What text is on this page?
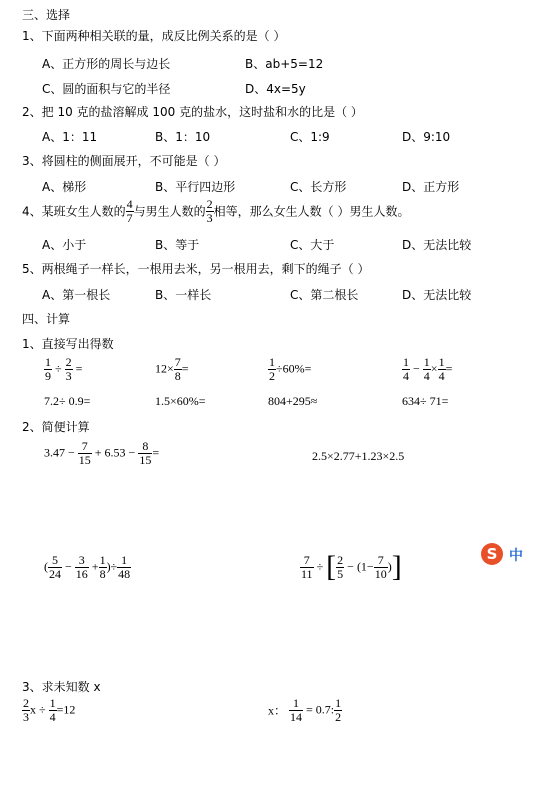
三、选择
1、下面两种相关联的量，成反比例关系的是（ ）
A、正方形的周长与边长	B、ab+5=12
C、圆的面积与它的半径	D、4x=5y
2、把 10 克的盐溶解成 100 克的盐水，这时盐和水的比是（ ）
A、1：11	B、1：10	C、1:9	D、9:10
3、将圆柱的侧面展开，不可能是（ ）
A、梯形	B、平行四边形	C、长方形	D、正方形
4、某班女生人数的 $\frac{4}{7}$ 与男生人数的 $\frac{2}{3}$ 相等，那么女生人数（ ）男生人数。
A、小于	B、等于	C、大于	D、无法比较
5、两根绳子一样长，一根用去米，另一根用去，剩下的绳子（ ）
A、第一根长	B、一样长	C、第二根长	D、无法比较
四、计算
1、直接写出得数
$\frac{1}{9} \div \frac{2}{3}$ =	$12\times \frac{7}{8}$ =	$\frac{1}{2} \div 60\%=$	$\frac{1}{4} - \frac{1}{4} \times \frac{1}{4}$ =
7.2÷ 0.9=	1.5×60%=	804+295≈	634÷ 71=
2、简便计算
$3.47 - \frac{7}{15} + 6.53 - \frac{8}{15}$ =	2.5×2.77+1.23×2.5
( $\frac{5}{24} - \frac{3}{16} + \frac{1}{8}$ )÷ $\frac{1}{48}$	$\frac{7}{11}$ ÷ [ $\frac{2}{5} - (1- \frac{7}{10}$ )]	S 中
3、求未知数 x
$\frac{2}{3}$ $x \div \frac{1}{4} =12$	x： $\frac{1}{14} = 0.7$: $\frac{1}{2}$
